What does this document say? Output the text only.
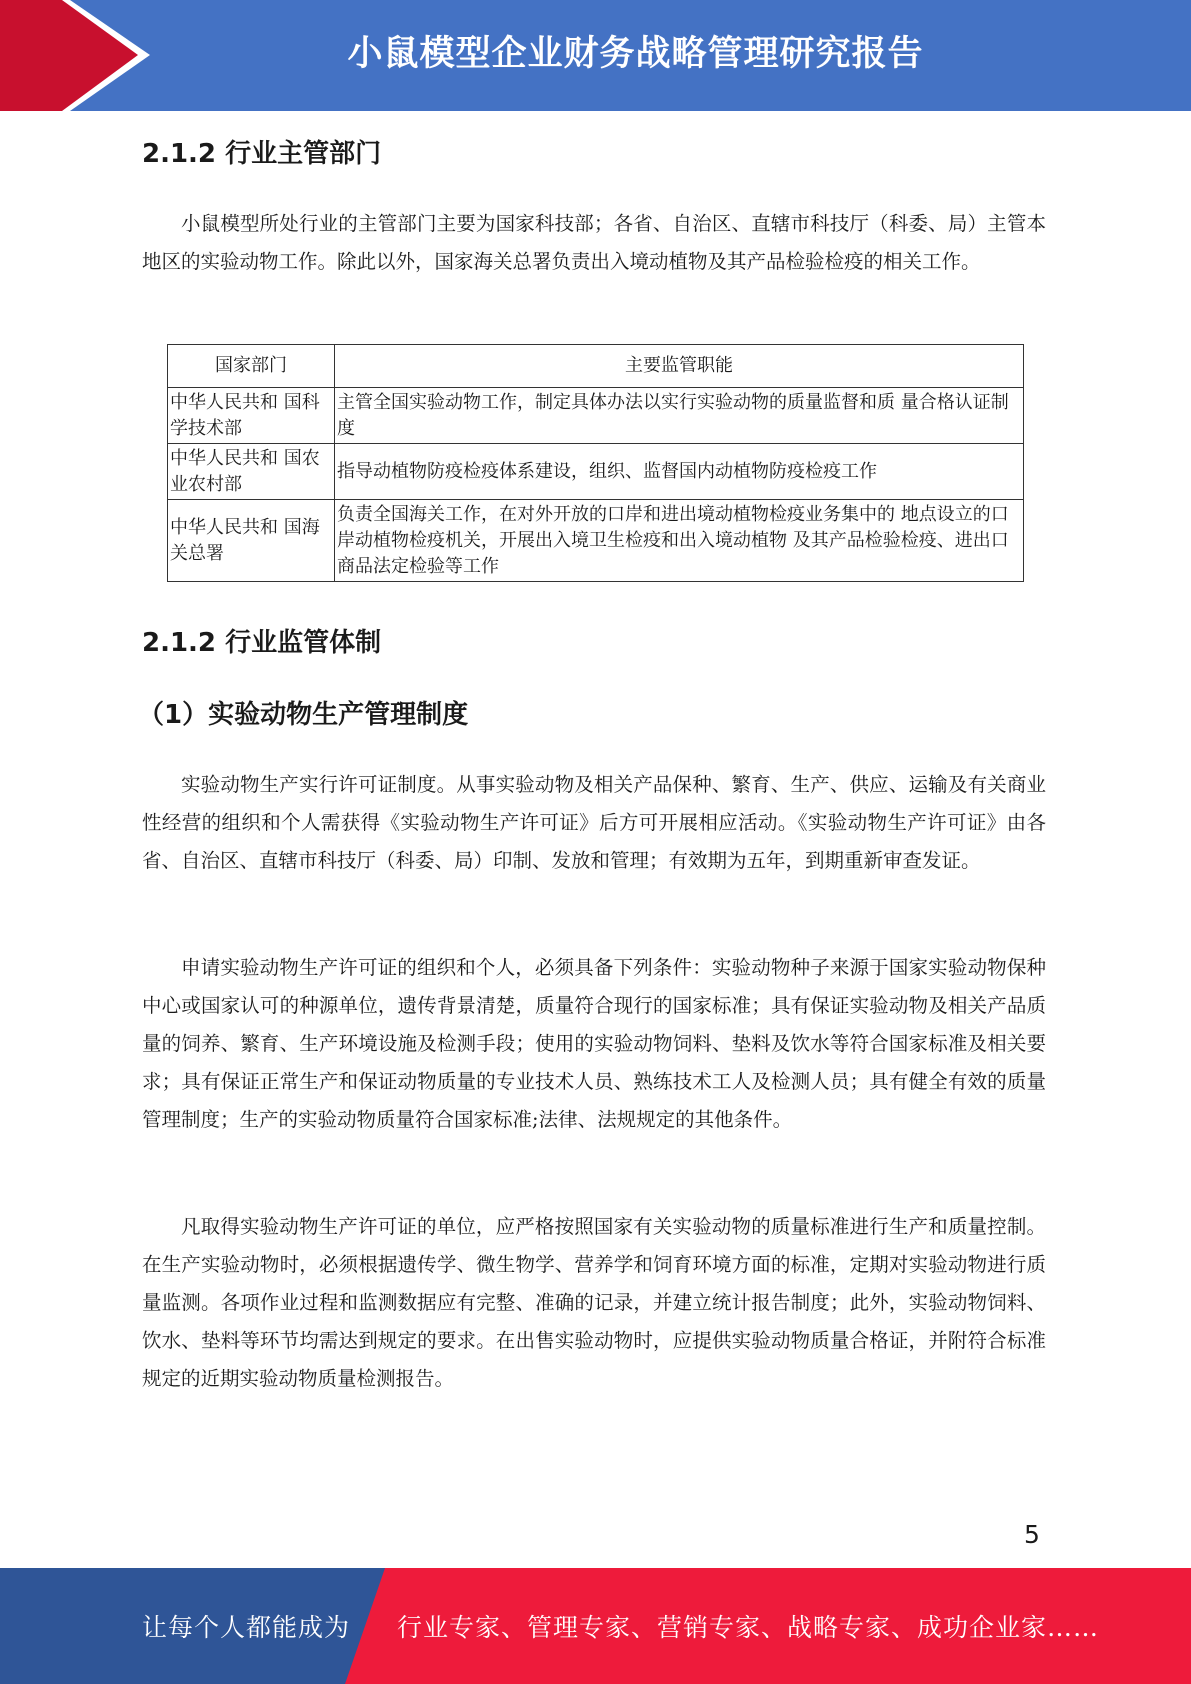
小鼠模型企业财务战略管理研究报告
2.1.2 行业主管部门

小鼠模型所处行业的主管部门主要为国家科技部；各省、自治区、直辖市科技厅（科委、局）主管本地区的实验动物工作。除此以外，国家海关总署负责出入境动植物及其产品检验检疫的相关工作。

国家部门	主要监管职能
中华人民共和 国科学技术部	主管全国实验动物工作，制定具体办法以实行实验动物的质量监督和质 量合格认证制度
中华人民共和 国农业农村部	指导动植物防疫检疫体系建设，组织、监督国内动植物防疫检疫工作
中华人民共和 国海关总署	负责全国海关工作，在对外开放的口岸和进出境动植物检疫业务集中的 地点设立的口岸动植物检疫机关，开展出入境卫生检疫和出入境动植物 及其产品检验检疫、进出口商品法定检验等工作
2.1.2 行业监管体制
（1）实验动物生产管理制度

实验动物生产实行许可证制度。从事实验动物及相关产品保种、繁育、生产、供应、运输及有关商业性经营的组织和个人需获得《实验动物生产许可证》后方可开展相应活动。《实验动物生产许可证》由各省、自治区、直辖市科技厅（科委、局）印制、发放和管理；有效期为五年，到期重新审查发证。

申请实验动物生产许可证的组织和个人，必须具备下列条件：实验动物种子来源于国家实验动物保种中心或国家认可的种源单位，遗传背景清楚，质量符合现行的国家标准；具有保证实验动物及相关产品质量的饲养、繁育、生产环境设施及检测手段；使用的实验动物饲料、垫料及饮水等符合国家标准及相关要求；具有保证正常生产和保证动物质量的专业技术人员、熟练技术工人及检测人员；具有健全有效的质量管理制度；生产的实验动物质量符合国家标准;法律、法规规定的其他条件。

凡取得实验动物生产许可证的单位，应严格按照国家有关实验动物的质量标准进行生产和质量控制。在生产实验动物时，必须根据遗传学、微生物学、营养学和饲育环境方面的标准，定期对实验动物进行质量监测。各项作业过程和监测数据应有完整、准确的记录，并建立统计报告制度；此外，实验动物饲料、饮水、垫料等环节均需达到规定的要求。在出售实验动物时，应提供实验动物质量合格证，并附符合标准规定的近期实验动物质量检测报告。

5
让每个人都能成为 行业专家、管理专家、营销专家、战略专家、成功企业家……
